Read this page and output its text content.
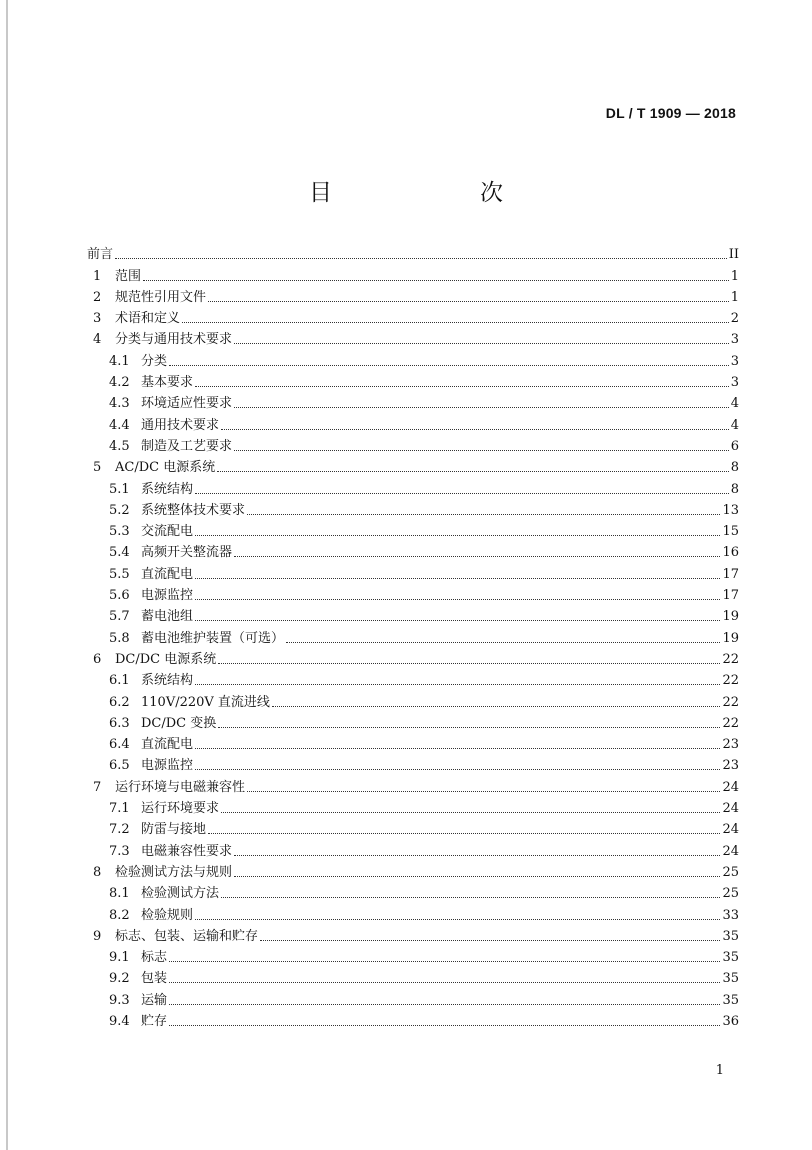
DL / T 1909 — 2018
目　　次
前言	II
1	范围	1
2	规范性引用文件	1
3	术语和定义	2
4	分类与通用技术要求	3
4.1 分类	3
4.2 基本要求	3
4.3 环境适应性要求	4
4.4 通用技术要求	4
4.5 制造及工艺要求	6
5	AC/DC 电源系统	8
5.1 系统结构	8
5.2 系统整体技术要求	13
5.3 交流配电	15
5.4 高频开关整流器	16
5.5 直流配电	17
5.6 电源监控	17
5.7 蓄电池组	19
5.8 蓄电池维护装置（可选）	19
6	DC/DC 电源系统	22
6.1 系统结构	22
6.2 110V/220V 直流进线	22
6.3 DC/DC 变换	22
6.4 直流配电	23
6.5 电源监控	23
7	运行环境与电磁兼容性	24
7.1 运行环境要求	24
7.2 防雷与接地	24
7.3 电磁兼容性要求	24
8	检验测试方法与规则	25
8.1 检验测试方法	25
8.2 检验规则	33
9	标志、包装、运输和贮存	35
9.1 标志	35
9.2 包装	35
9.3 运输	35
9.4 贮存	36
1
